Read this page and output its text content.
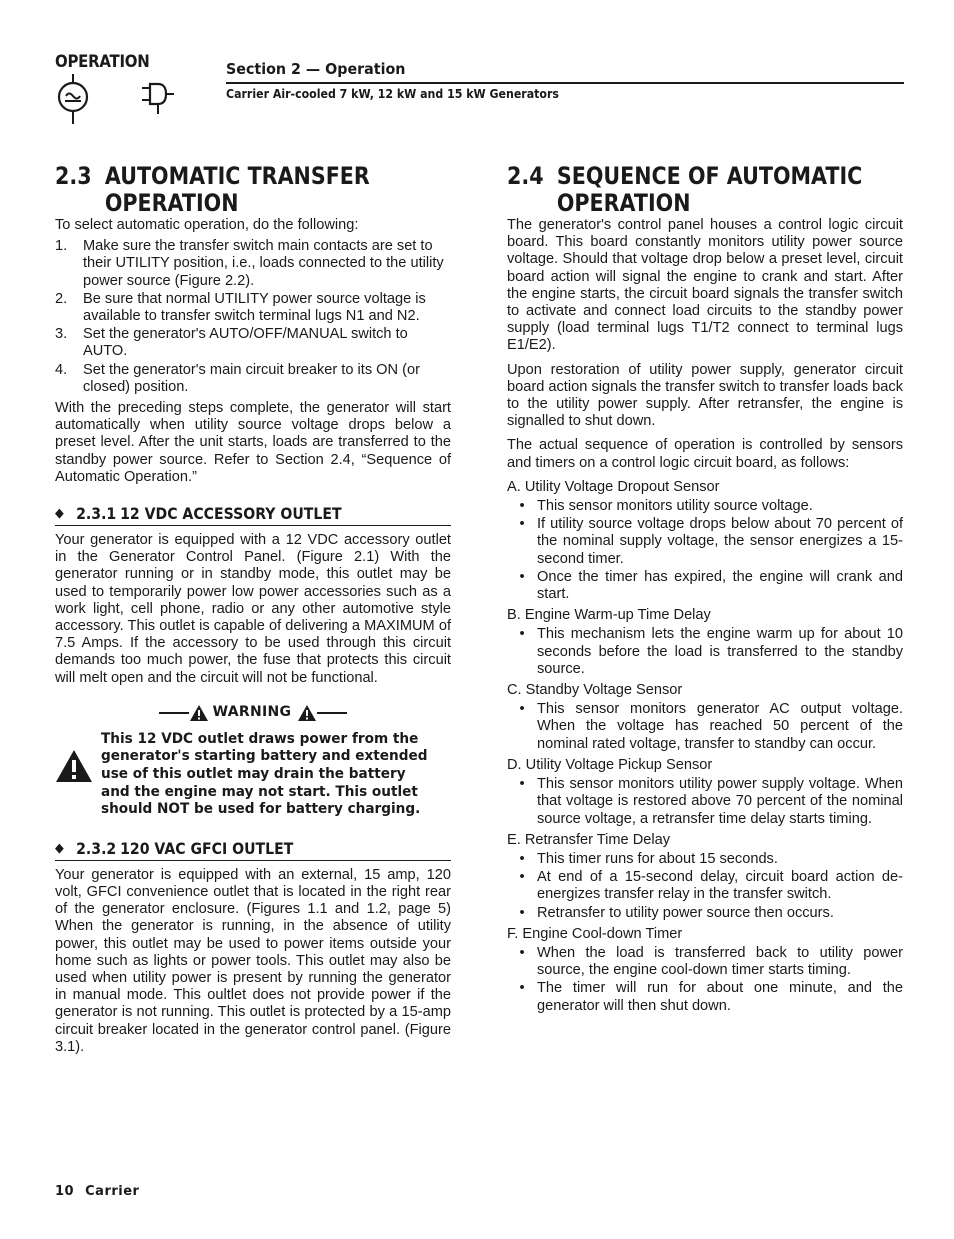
OPERATION	Section 2 — Operation
Carrier Air-cooled 7 kW, 12 kW and 15 kW Generators
2.3 AUTOMATIC TRANSFER OPERATION

To select automatic operation, do the following:

1.	Make sure the transfer switch main contacts are set to their UTILITY position, i.e., loads connected to the utility power source (Figure 2.2).
2.	Be sure that normal UTILITY power source voltage is available to transfer switch terminal lugs N1 and N2.
3.	Set the generator's AUTO/OFF/MANUAL switch to AUTO.
4.	Set the generator's main circuit breaker to its ON (or closed) position.

With the preceding steps complete, the generator will start automatically when utility source voltage drops below a preset level. After the unit starts, loads are transferred to the standby power source. Refer to Section 2.4, “Sequence of Automatic Operation.”

◆ 2.3.1 12 VDC ACCESSORY OUTLET

Your generator is equipped with a 12 VDC accessory outlet in the Generator Control Panel. (Figure 2.1) With the generator running or in standby mode, this outlet may be used to temporarily power low power accessories such as a work light, cell phone, radio or any other automotive style accessory. This outlet is capable of delivering a MAXIMUM of 7.5 Amps. If the accessory to be used through this circuit demands too much power, the fuse that protects this circuit will melt open and the circuit will not be functional.

WARNING
This 12 VDC outlet draws power from the generator's starting battery and extended use of this outlet may drain the battery and the engine may not start. This outlet should NOT be used for battery charging.
◆ 2.3.2 120 VAC GFCI OUTLET

Your generator is equipped with an external, 15 amp, 120 volt, GFCI convenience outlet that is located in the right rear of the generator enclosure. (Figures 1.1 and 1.2, page 5) When the generator is running, in the absence of utility power, this outlet may be used to power items outside your home such as lights or power tools. This outlet may also be used when utility power is present by running the generator in manual mode. This oultlet does not provide power if the generator is not running. This outlet is protected by a 15-amp circuit breaker located in the generator control panel. (Figure 3.1).

2.4 SEQUENCE OF AUTOMATIC OPERATION

The generator's control panel houses a control logic circuit board. This board constantly monitors utility power source voltage. Should that voltage drop below a preset level, circuit board action will signal the engine to crank and start. After the engine starts, the circuit board signals the transfer switch to activate and connect load circuits to the standby power supply (load terminal lugs T1/T2 connect to terminal lugs E1/E2).

Upon restoration of utility power supply, generator circuit board action signals the transfer switch to transfer loads back to the utility power supply. After retransfer, the engine is signalled to shut down.

The actual sequence of operation is controlled by sensors and timers on a control logic circuit board, as follows:

A. Utility Voltage Dropout Sensor
• This sensor monitors utility source voltage.
• If utility source voltage drops below about 70 percent of the nominal supply voltage, the sensor energizes a 15-second timer.
• Once the timer has expired, the engine will crank and start.
B. Engine Warm-up Time Delay
• This mechanism lets the engine warm up for about 10 seconds before the load is transferred to the standby source.
C. Standby Voltage Sensor
• This sensor monitors generator AC output voltage. When the voltage has reached 50 percent of the nominal rated voltage, transfer to standby can occur.
D. Utility Voltage Pickup Sensor
• This sensor monitors utility power supply voltage. When that voltage is restored above 70 percent of the nominal source voltage, a retransfer time delay starts timing.
E. Retransfer Time Delay
• This timer runs for about 15 seconds.
• At end of a 15-second delay, circuit board action de-energizes transfer relay in the transfer switch.
• Retransfer to utility power source then occurs.
F. Engine Cool-down Timer
• When the load is transferred back to utility power source, the engine cool-down timer starts timing.
• The timer will run for about one minute, and the generator will then shut down.
10 Carrier
